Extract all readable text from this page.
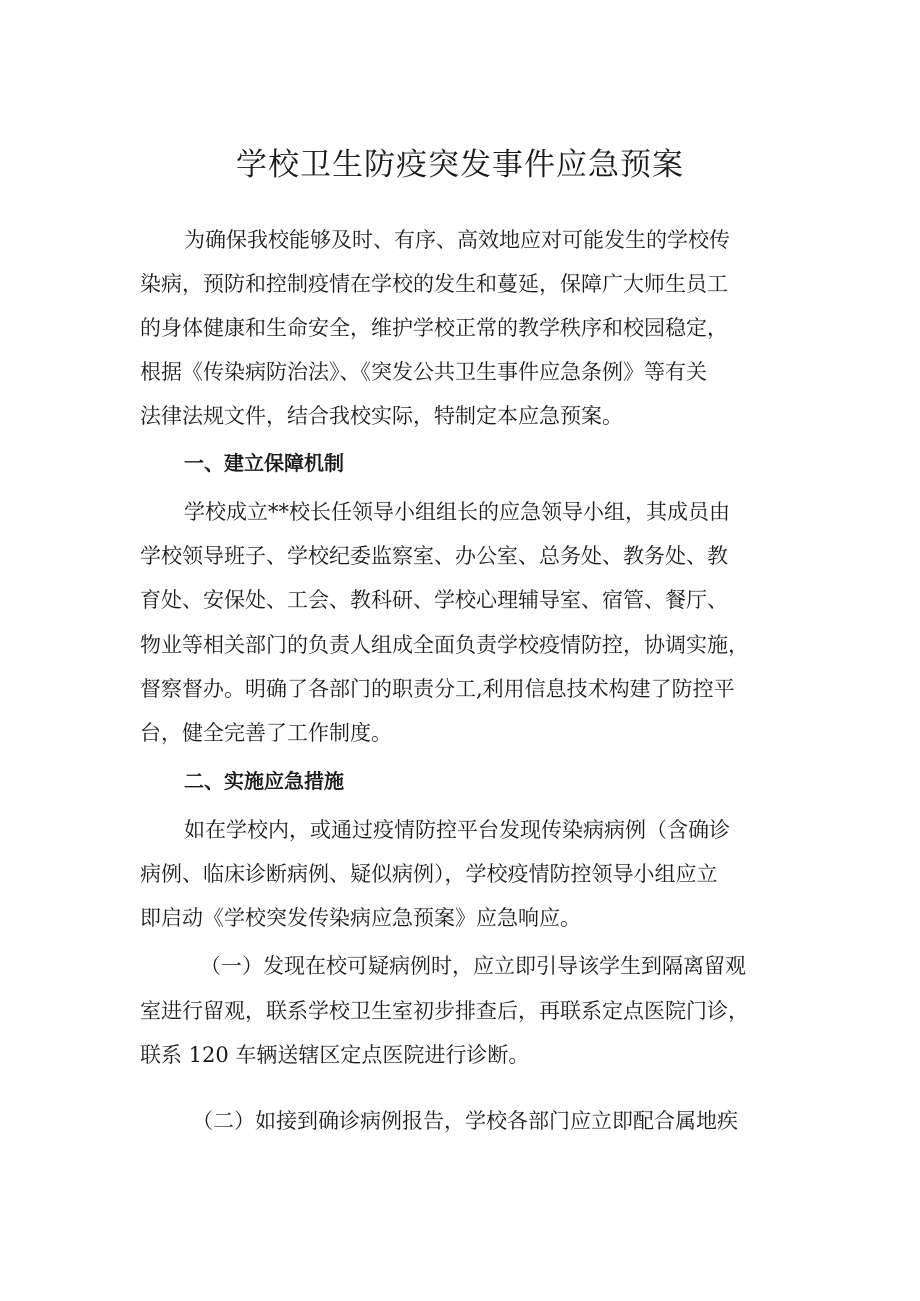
学校卫生防疫突发事件应急预案

为确保我校能够及时、有序、高效地应对可能发生的学校传

染病，预防和控制疫情在学校的发生和蔓延，保障广大师生员工

的身体健康和生命安全，维护学校正常的教学秩序和校园稳定，

根据《传染病防治法》、《突发公共卫生事件应急条例》等有关

法律法规文件，结合我校实际，特制定本应急预案。

一、建立保障机制

学校成立**校长任领导小组组长的应急领导小组，其成员由

学校领导班子、学校纪委监察室、办公室、总务处、教务处、教

育处、安保处、工会、教科研、学校心理辅导室、宿管、餐厅、

物业等相关部门的负责人组成全面负责学校疫情防控，协调实施，

督察督办。明确了各部门的职责分工,利用信息技术构建了防控平

台，健全完善了工作制度。

二、实施应急措施

如在学校内，或通过疫情防控平台发现传染病病例（含确诊

病例、临床诊断病例、疑似病例），学校疫情防控领导小组应立

即启动《学校突发传染病应急预案》应急响应。

（一）发现在校可疑病例时，应立即引导该学生到隔离留观

室进行留观，联系学校卫生室初步排查后，再联系定点医院门诊，

联系 120 车辆送辖区定点医院进行诊断。

（二）如接到确诊病例报告，学校各部门应立即配合属地疾
